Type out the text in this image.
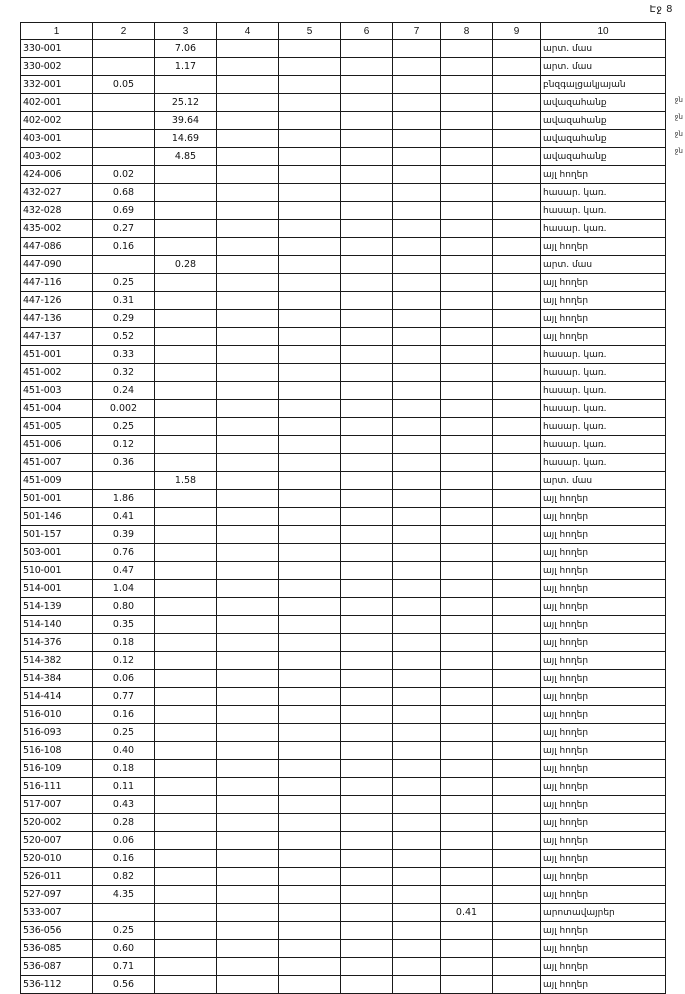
Էջ 8
1	2	3	4	5	6	7	8	9	10
330-001		7.06							արտ. մաս
330-002		1.17							արտ. մաս
332-001	0.05								բնզգալցակյայան
402-001		25.12							ավազահանք
402-002		39.64							ավազահանք
403-001		14.69							ավազահանք
403-002		4.85							ավազահանք
424-006	0.02								այլ հողեր
432-027	0.68								հասար. կառ.
432-028	0.69								հասար. կառ.
435-002	0.27								հասար. կառ.
447-086	0.16								այլ հողեր
447-090		0.28							արտ. մաս
447-116	0.25								այլ հողեր
447-126	0.31								այլ հողեր
447-136	0.29								այլ հողեր
447-137	0.52								այլ հողեր
451-001	0.33								հասար. կառ.
451-002	0.32								հասար. կառ.
451-003	0.24								հասար. կառ.
451-004	0.002								հասար. կառ.
451-005	0.25								հասար. կառ.
451-006	0.12								հասար. կառ.
451-007	0.36								հասար. կառ.
451-009		1.58							արտ. մաս
501-001	1.86								այլ հողեր
501-146	0.41								այլ հողեր
501-157	0.39								այլ հողեր
503-001	0.76								այլ հողեր
510-001	0.47								այլ հողեր
514-001	1.04								այլ հողեր
514-139	0.80								այլ հողեր
514-140	0.35								այլ հողեր
514-376	0.18								այլ հողեր
514-382	0.12								այլ հողեր
514-384	0.06								այլ հողեր
514-414	0.77								այլ հողեր
516-010	0.16								այլ հողեր
516-093	0.25								այլ հողեր
516-108	0.40								այլ հողեր
516-109	0.18								այլ հողեր
516-111	0.11								այլ հողեր
517-007	0.43								այլ հողեր
520-002	0.28								այլ հողեր
520-007	0.06								այլ հողեր
520-010	0.16								այլ հողեր
526-011	0.82								այլ հողեր
527-097	4.35								այլ հողեր
533-007							0.41		արոտավայրեր
536-056	0.25								այլ հողեր
536-085	0.60								այլ հողեր
536-087	0.71								այլ հողեր
536-112	0.56								այլ հողեր
ջն
ջն
ջն
ջն
